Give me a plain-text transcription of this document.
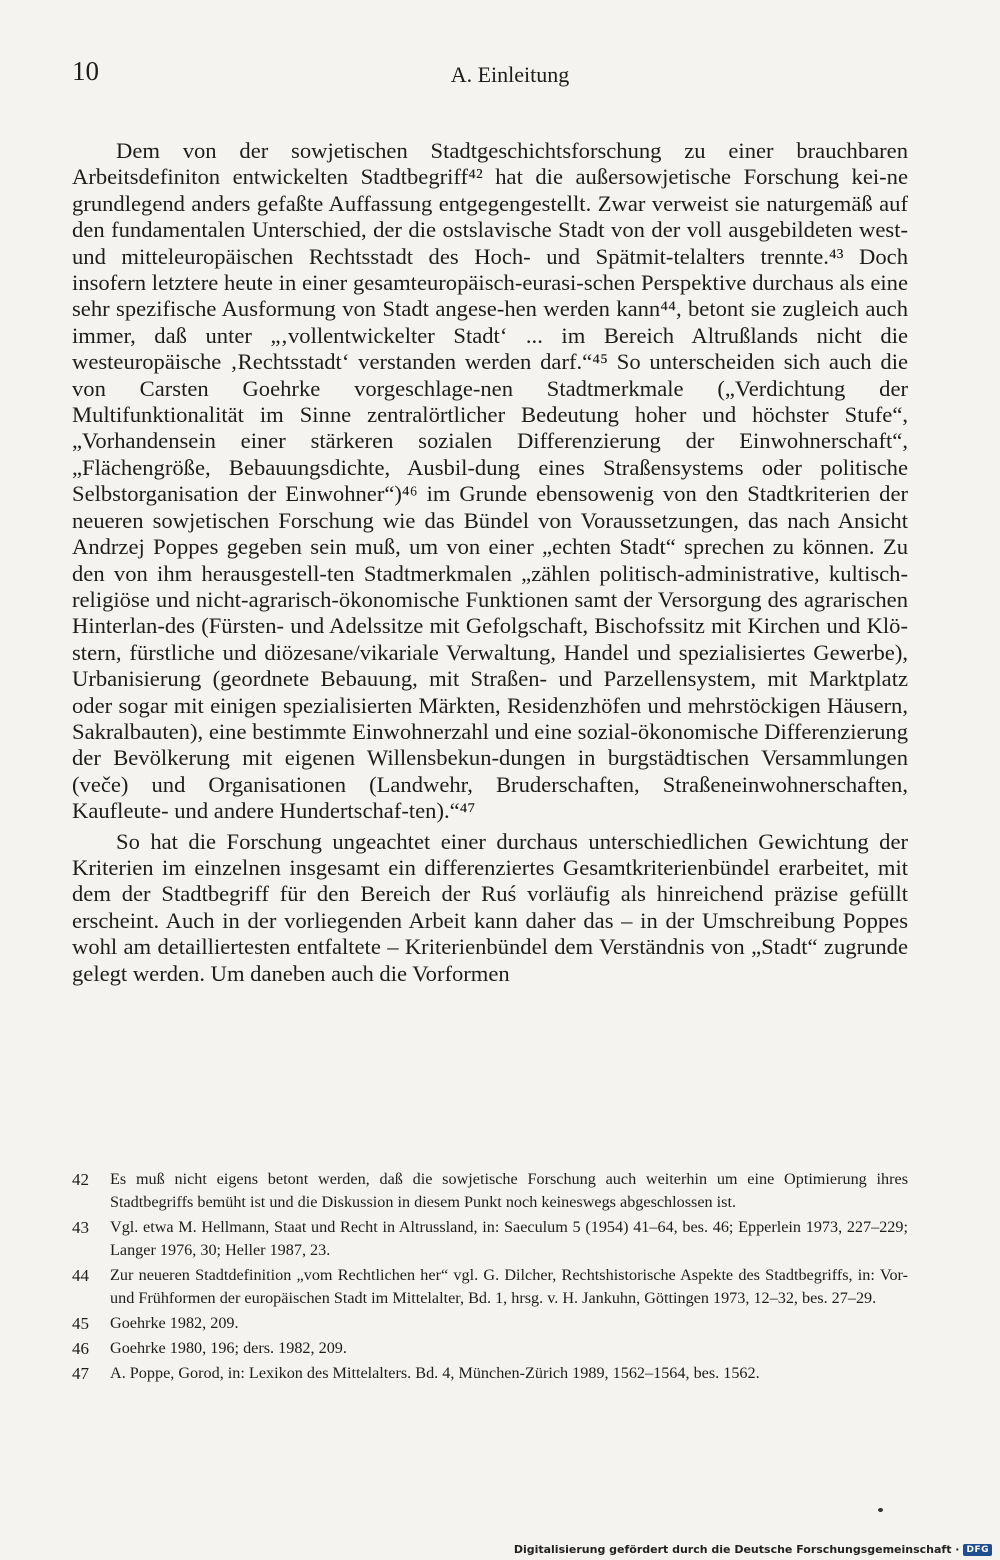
10	A. Einleitung

Dem von der sowjetischen Stadtgeschichtsforschung zu einer brauchbaren Arbeitsdefiniton entwickelten Stadtbegriff⁴² hat die außersowjetische Forschung kei-ne grundlegend anders gefaßte Auffassung entgegengestellt. Zwar verweist sie naturgemäß auf den fundamentalen Unterschied, der die ostslavische Stadt von der voll ausgebildeten west- und mitteleuropäischen Rechtsstadt des Hoch- und Spätmit-telalters trennte.⁴³ Doch insofern letztere heute in einer gesamteuropäisch-eurasi-schen Perspektive durchaus als eine sehr spezifische Ausformung von Stadt angese-hen werden kann⁴⁴, betont sie zugleich auch immer, daß unter „‚vollentwickelter Stadt‘ ... im Bereich Altrußlands nicht die westeuropäische ‚Rechtsstadt‘ verstanden werden darf.“⁴⁵ So unterscheiden sich auch die von Carsten Goehrke vorgeschlage-nen Stadtmerkmale („Verdichtung der Multifunktionalität im Sinne zentralörtlicher Bedeutung hoher und höchster Stufe“, „Vorhandensein einer stärkeren sozialen Differenzierung der Einwohnerschaft“, „Flächengröße, Bebauungsdichte, Ausbil-dung eines Straßensystems oder politische Selbstorganisation der Einwohner“)⁴⁶ im Grunde ebensowenig von den Stadtkriterien der neueren sowjetischen Forschung wie das Bündel von Voraussetzungen, das nach Ansicht Andrzej Poppes gegeben sein muß, um von einer „echten Stadt“ sprechen zu können. Zu den von ihm herausgestell-ten Stadtmerkmalen „zählen politisch-administrative, kultisch-religiöse und nicht-agrarisch-ökonomische Funktionen samt der Versorgung des agrarischen Hinterlan-des (Fürsten- und Adelssitze mit Gefolgschaft, Bischofssitz mit Kirchen und Klö-stern, fürstliche und diözesane/vikariale Verwaltung, Handel und spezialisiertes Gewerbe), Urbanisierung (geordnete Bebauung, mit Straßen- und Parzellensystem, mit Marktplatz oder sogar mit einigen spezialisierten Märkten, Residenzhöfen und mehrstöckigen Häusern, Sakralbauten), eine bestimmte Einwohnerzahl und eine sozial-ökonomische Differenzierung der Bevölkerung mit eigenen Willensbekun-dungen in burgstädtischen Versammlungen (veče) und Organisationen (Landwehr, Bruderschaften, Straßeneinwohnerschaften, Kaufleute- und andere Hundertschaf-ten).“⁴⁷

So hat die Forschung ungeachtet einer durchaus unterschiedlichen Gewichtung der Kriterien im einzelnen insgesamt ein differenziertes Gesamtkriterienbündel erarbeitet, mit dem der Stadtbegriff für den Bereich der Ruś vorläufig als hinreichend präzise gefüllt erscheint. Auch in der vorliegenden Arbeit kann daher das – in der Umschreibung Poppes wohl am detailliertesten entfaltete – Kriterienbündel dem Verständnis von „Stadt“ zugrunde gelegt werden. Um daneben auch die Vorformen

42	Es muß nicht eigens betont werden, daß die sowjetische Forschung auch weiterhin um eine Optimierung ihres Stadtbegriffs bemüht ist und die Diskussion in diesem Punkt noch keineswegs abgeschlossen ist.
43	Vgl. etwa M. Hellmann, Staat und Recht in Altrussland, in: Saeculum 5 (1954) 41–64, bes. 46; Epperlein 1973, 227–229; Langer 1976, 30; Heller 1987, 23.
44	Zur neueren Stadtdefinition „vom Rechtlichen her“ vgl. G. Dilcher, Rechtshistorische Aspekte des Stadtbegriffs, in: Vor- und Frühformen der europäischen Stadt im Mittelalter, Bd. 1, hrsg. v. H. Jankuhn, Göttingen 1973, 12–32, bes. 27–29.
45	Goehrke 1982, 209.
46	Goehrke 1980, 196; ders. 1982, 209.
47	A. Poppe, Gorod, in: Lexikon des Mittelalters. Bd. 4, München-Zürich 1989, 1562–1564, bes. 1562.
Digitalisierung gefördert durch die Deutsche Forschungsgemeinschaft · DFG
